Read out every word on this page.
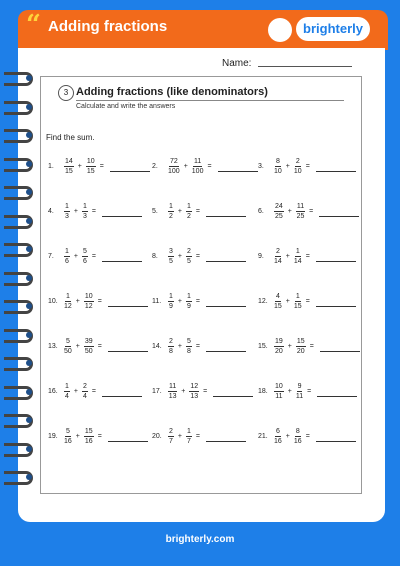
“ Adding fractions	brighterly
Name:
3 Adding fractions (like denominators)
Calculate and write the answers
Find the sum.
1.	$\frac{14}{15} + \frac{10}{15}$ =	2.	$\frac{72}{100} + \frac{11}{100}$ =	3.	$\frac{8}{10} + \frac{2}{10}$ =
4.	$\frac{1}{3} + \frac{1}{3}$ =	5.	$\frac{1}{2} + \frac{1}{2}$ =	6.	$\frac{24}{25} + \frac{11}{25}$ =
7.	$\frac{1}{6} + \frac{5}{6}$ =	8.	$\frac{3}{5} + \frac{2}{5}$ =	9.	$\frac{2}{14} + \frac{1}{14}$ =
10. $\frac{1}{12} + \frac{10}{12}$ =	11. $\frac{1}{9} + \frac{1}{9}$ =	12. $\frac{4}{15} + \frac{1}{15}$ =
13. $\frac{5}{50} + \frac{39}{50}$ =	14. $\frac{2}{8} + \frac{5}{8}$ =	15. $\frac{19}{20} + \frac{15}{20}$ =
16. $\frac{1}{4} + \frac{2}{4}$ =	17. $\frac{11}{13} + \frac{12}{13}$ =	18. $\frac{10}{11} + \frac{9}{11}$ =
19. $\frac{5}{16} + \frac{15}{16}$ =	20. $\frac{2}{7} + \frac{1}{7}$ =	21. $\frac{6}{16} + \frac{8}{16}$ =
brighterly.com
